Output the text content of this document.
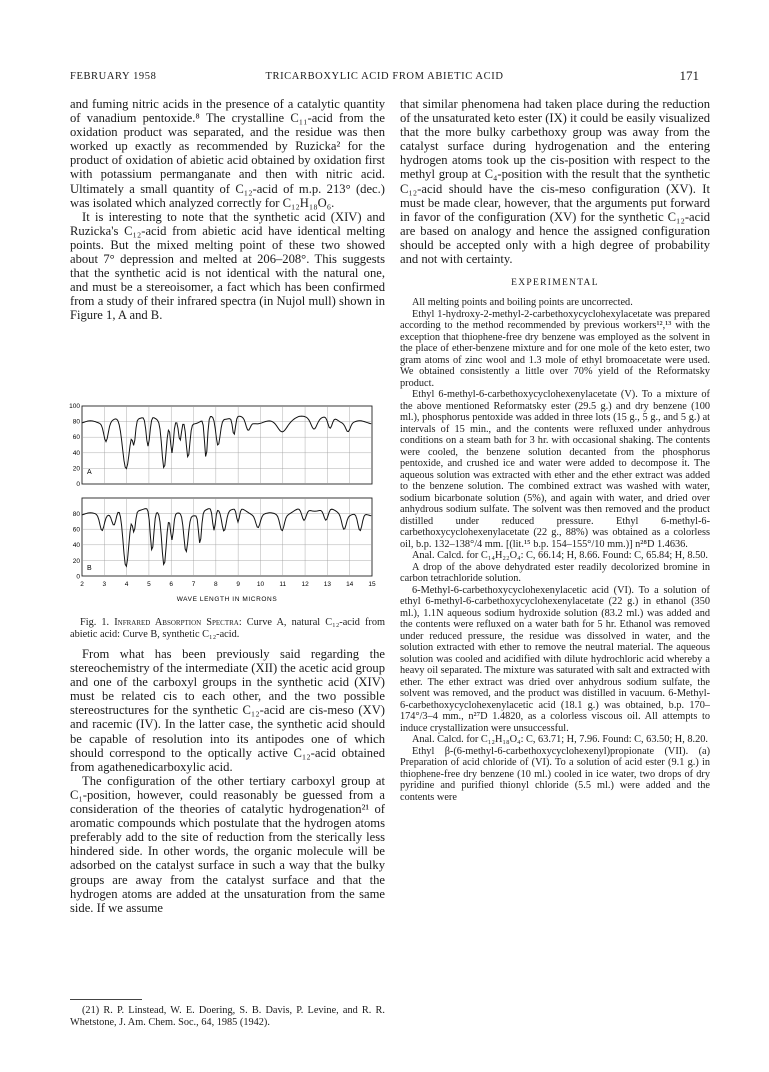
FEBRUARY 1958	TRICARBOXYLIC ACID FROM ABIETIC ACID	171

and fuming nitric acids in the presence of a catalytic quantity of vanadium pentoxide.⁸ The crystalline C₁₁-acid from the oxidation product was separated, and the residue was then worked up exactly as recommended by Ruzicka² for the product of oxidation of abietic acid obtained by oxidation first with potassium permanganate and then with nitric acid. Ultimately a small quantity of C₁₂-acid of m.p. 213° (dec.) was isolated which analyzed correctly for C₁₂H₁₈O₆.

It is interesting to note that the synthetic acid (XIV) and Ruzicka's C₁₂-acid from abietic acid have identical melting points. But the mixed melting point of these two showed about 7° depression and melted at 206–208°. This suggests that the synthetic acid is not identical with the natural one, and must be a stereoisomer, a fact which has been confirmed from a study of their infrared spectra (in Nujol mull) shown in Figure 1, A and B.

A
B
100
80
60
40
20
0
80
60
40
20
0
2	3	4	5	6	7	8	9	10 11 12 13 14 15
WAVE LENGTH IN MICRONS
Fig. 1. Infrared Absorption Spectra: Curve A, natural C₁₂-acid from abietic acid: Curve B, synthetic C₁₂-acid.

From what has been previously said regarding the stereochemistry of the intermediate (XII) the acetic acid group and one of the carboxyl groups in the synthetic acid (XIV) must be related cis to each other, and the two possible stereostructures for the synthetic C₁₂-acid are cis-meso (XV) and racemic (IV). In the latter case, the synthetic acid should be capable of resolution into its antipodes one of which should correspond to the optically active C₁₂-acid obtained from agathenedicarboxylic acid.

The configuration of the other tertiary carboxyl group at C₁-position, however, could reasonably be guessed from a consideration of the theories of catalytic hydrogenation²¹ of aromatic compounds which postulate that the hydrogen atoms preferably add to the site of reduction from the sterically less hindered side. In other words, the organic molecule will be adsorbed on the catalyst surface in such a way that the bulky groups are away from the catalyst surface and that the hydrogen atoms are added at the unsaturation from the same side. If we assume

(21) R. P. Linstead, W. E. Doering, S. B. Davis, P. Levine, and R. R. Whetstone, J. Am. Chem. Soc., 64, 1985 (1942).

that similar phenomena had taken place during the reduction of the unsaturated keto ester (IX) it could be easily visualized that the more bulky carbethoxy group was away from the catalyst surface during hydrogenation and the entering hydrogen atoms took up the cis-position with respect to the methyl group at C₄-position with the result that the synthetic C₁₂-acid should have the cis-meso configuration (XV). It must be made clear, however, that the arguments put forward in favor of the configuration (XV) for the synthetic C₁₂-acid are based on analogy and hence the assigned configuration should be accepted only with a high degree of probability and not with certainty.

EXPERIMENTAL

All melting points and boiling points are uncorrected.

Ethyl 1-hydroxy-2-methyl-2-carbethoxycyclohexylacetate was prepared according to the method recommended by previous workers¹²,¹³ with the exception that thiophene-free dry benzene was employed as the solvent in the place of ether-benzene mixture and for one mole of the keto ester, two gram atoms of zinc wool and 1.3 mole of ethyl bromoacetate were used. We obtained consistently a little over 70% yield of the Reformatsky product.

Ethyl 6-methyl-6-carbethoxycyclohexenylacetate (V). To a mixture of the above mentioned Reformatsky ester (29.5 g.) and dry benzene (100 ml.), phosphorus pentoxide was added in three lots (15 g., 5 g., and 5 g.) at intervals of 15 min., and the contents were refluxed under anhydrous conditions on a steam bath for 3 hr. with occasional shaking. The contents were cooled, the benzene solution decanted from the phosphorus pentoxide, and crushed ice and water were added to decompose it. The aqueous solution was extracted with ether and the ether extract was added to the benzene solution. The combined extract was washed with water, sodium bicarbonate solution (5%), and again with water, and dried over anhydrous sodium sulfate. The solvent was then removed and the product distilled under reduced pressure. Ethyl 6-methyl-6-carbethoxycyclohexenylacetate (22 g., 88%) was obtained as a colorless oil, b.p. 132–138°/4 mm. [(lit.¹⁵ b.p. 154–155°/10 mm.)] n²⁸D 1.4636.

Anal. Calcd. for C₁₄H₂₂O₄: C, 66.14; H, 8.66. Found: C, 65.84; H, 8.50.

A drop of the above dehydrated ester readily decolorized bromine in carbon tetrachloride solution.

6-Methyl-6-carbethoxycyclohexenylacetic acid (VI). To a solution of ethyl 6-methyl-6-carbethoxycyclohexenylacetate (22 g.) in ethanol (350 ml.), 1.1N aqueous sodium hydroxide solution (83.2 ml.) was added and the contents were refluxed on a water bath for 5 hr. Ethanol was removed under reduced pressure, the residue was dissolved in water, and the solution extracted with ether to remove the neutral material. The aqueous solution was cooled and acidified with dilute hydrochloric acid whereby a heavy oil separated. The mixture was saturated with salt and extracted with ether. The ether extract was dried over anhydrous sodium sulfate, the solvent was removed, and the product was distilled in vacuum. 6-Methyl-6-carbethoxycyclohexenylacetic acid (18.1 g.) was obtained, b.p. 170–174°/3–4 mm., n²⁷D 1.4820, as a colorless viscous oil. All attempts to induce crystallization were unsuccessful.

Anal. Calcd. for C₁₂H₁₈O₄: C, 63.71; H, 7.96. Found: C, 63.50; H, 8.20.

Ethyl β-(6-methyl-6-carbethoxycyclohexenyl)propionate (VII). (a) Preparation of acid chloride of (VI). To a solution of acid ester (9.1 g.) in thiophene-free dry benzene (10 ml.) cooled in ice water, two drops of dry pyridine and purified thionyl chloride (5.5 ml.) were added and the contents were
